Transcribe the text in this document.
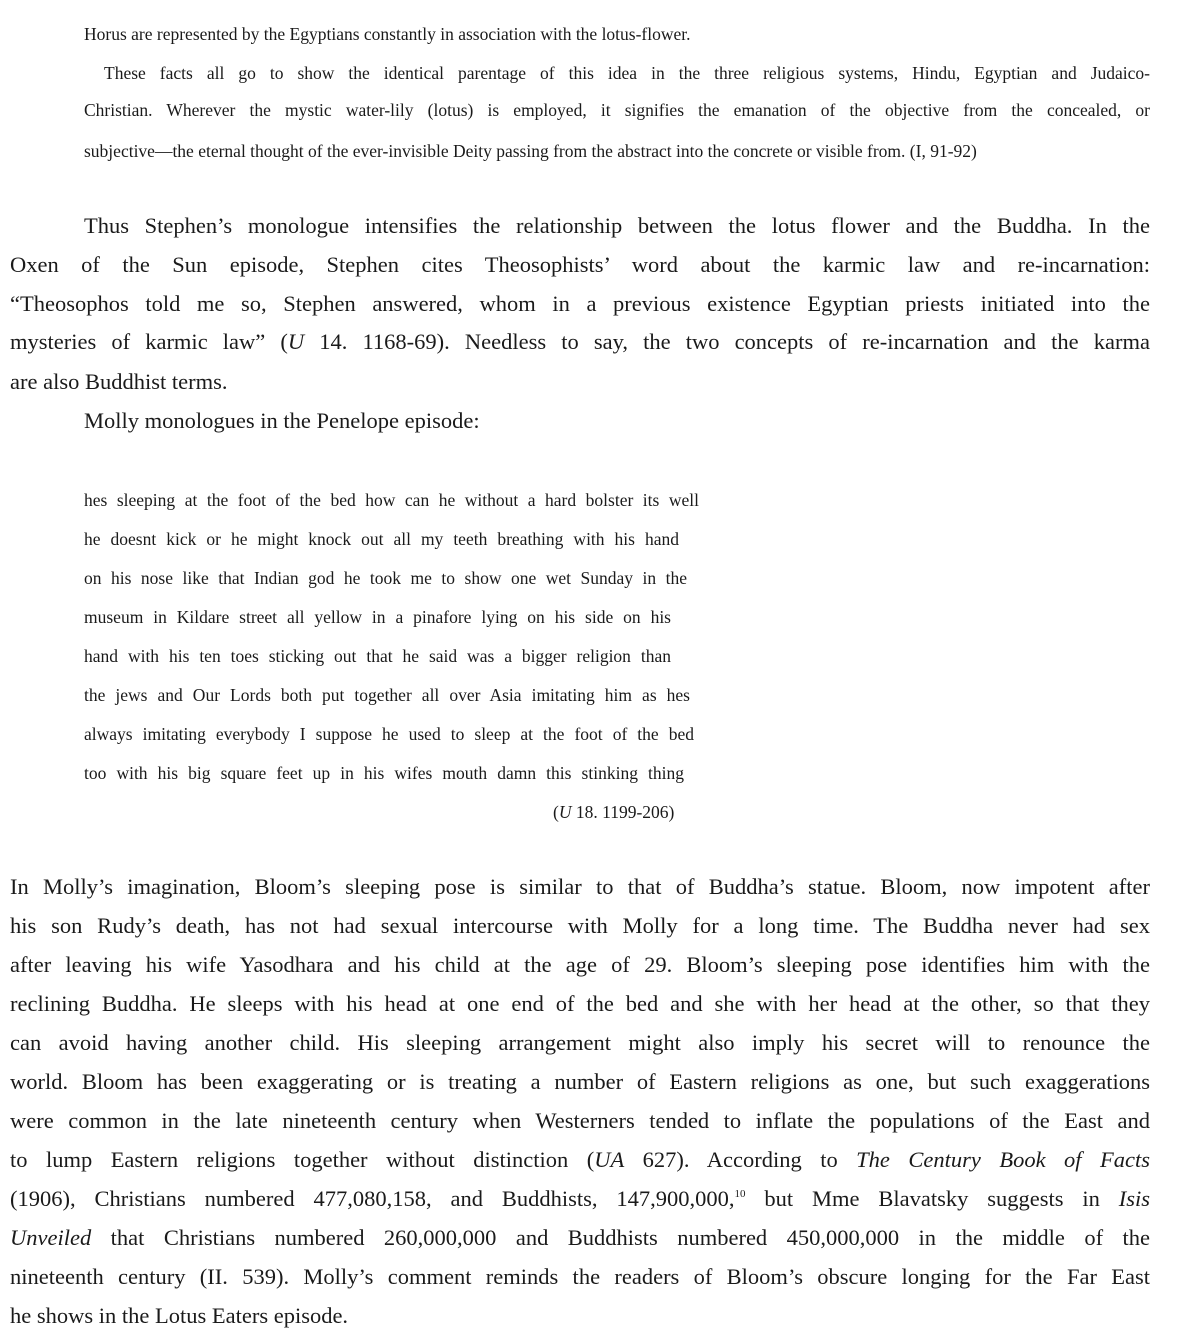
Horus are represented by the Egyptians constantly in association with the lotus-flower.
These facts all go to show the identical parentage of this idea in the three religious systems, Hindu, Egyptian and Judaico-
Christian. Wherever the mystic water-lily (lotus) is employed, it signifies the emanation of the objective from the concealed, or
subjective—the eternal thought of the ever-invisible Deity passing from the abstract into the concrete or visible from. (I, 91-92)
Thus Stephen’s monologue intensifies the relationship between the lotus flower and the Buddha. In the
Oxen of the Sun episode, Stephen cites Theosophists’ word about the karmic law and re-incarnation:
“Theosophos told me so, Stephen answered, whom in a previous existence Egyptian priests initiated into the
mysteries of karmic law” (U 14. 1168-69). Needless to say, the two concepts of re-incarnation and the karma
are also Buddhist terms.
Molly monologues in the Penelope episode:
hes sleeping at the foot of the bed how can he without a hard bolster its well
he doesnt kick or he might knock out all my teeth breathing with his hand
on his nose like that Indian god he took me to show one wet Sunday in the
museum in Kildare street all yellow in a pinafore lying on his side on his
hand with his ten toes sticking out that he said was a bigger religion than
the jews and Our Lords both put together all over Asia imitating him as hes
always imitating everybody I suppose he used to sleep at the foot of the bed
too with his big square feet up in his wifes mouth damn this stinking thing
(U 18. 1199-206)
In Molly’s imagination, Bloom’s sleeping pose is similar to that of Buddha’s statue. Bloom, now impotent after
his son Rudy’s death, has not had sexual intercourse with Molly for a long time. The Buddha never had sex
after leaving his wife Yasodhara and his child at the age of 29. Bloom’s sleeping pose identifies him with the
reclining Buddha. He sleeps with his head at one end of the bed and she with her head at the other, so that they
can avoid having another child. His sleeping arrangement might also imply his secret will to renounce the
world. Bloom has been exaggerating or is treating a number of Eastern religions as one, but such exaggerations
were common in the late nineteenth century when Westerners tended to inflate the populations of the East and
to lump Eastern religions together without distinction (UA 627). According to The Century Book of Facts
(1906), Christians numbered 477,080,158, and Buddhists, 147,900,000,10 but Mme Blavatsky suggests in Isis
Unveiled that Christians numbered 260,000,000 and Buddhists numbered 450,000,000 in the middle of the
nineteenth century (II. 539). Molly’s comment reminds the readers of Bloom’s obscure longing for the Far East
he shows in the Lotus Eaters episode.
